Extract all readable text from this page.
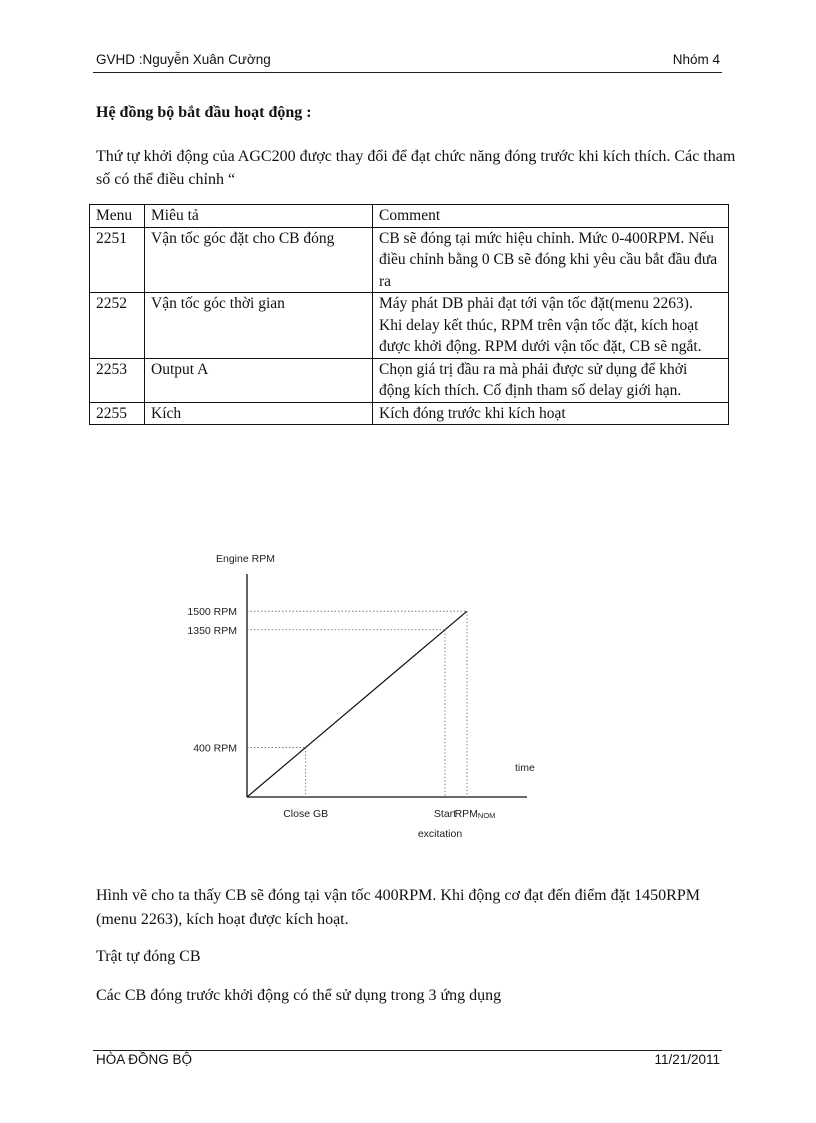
GVHD :Nguyễn Xuân Cường	Nhóm 4
Hệ đồng bộ bắt đầu hoạt động :
Thứ tự khởi động của AGC200 được thay đổi để đạt chức năng đóng trước khi kích thích. Các tham số có thể điều chỉnh “
Menu	Miêu tả	Comment
2251	Vận tốc góc đặt cho CB đóng	CB sẽ đóng tại mức hiệu chỉnh. Mức 0-400RPM. Nếu điều chỉnh bằng 0 CB sẽ đóng khi yêu cầu bắt đầu đưa ra
2252	Vận tốc góc thời gian	Máy phát DB phải đạt tới vận tốc đặt(menu 2263).
Khi delay kết thúc, RPM trên vận tốc đặt, kích hoạt được khởi động. RPM dưới vận tốc đặt, CB sẽ ngắt.
2253	Output A	Chọn giá trị đầu ra mà phải được sử dụng để khởi động kích thích. Cố định tham số delay giới hạn.
2255	Kích	Kích đóng trước khi kích hoạt
Engine RPM
time
1500 RPM
1350 RPM
400 RPM
Close GB	Start
excitation
RPMNOM
Hình vẽ cho ta thấy CB sẽ đóng tại vận tốc 400RPM. Khi động cơ đạt đến điểm đặt 1450RPM (menu 2263), kích hoạt được kích hoạt.
Trật tự đóng CB
Các CB đóng trước khởi động có thể sử dụng trong 3 ứng dụng
HÒA ĐỒNG BỘ	11/21/2011
